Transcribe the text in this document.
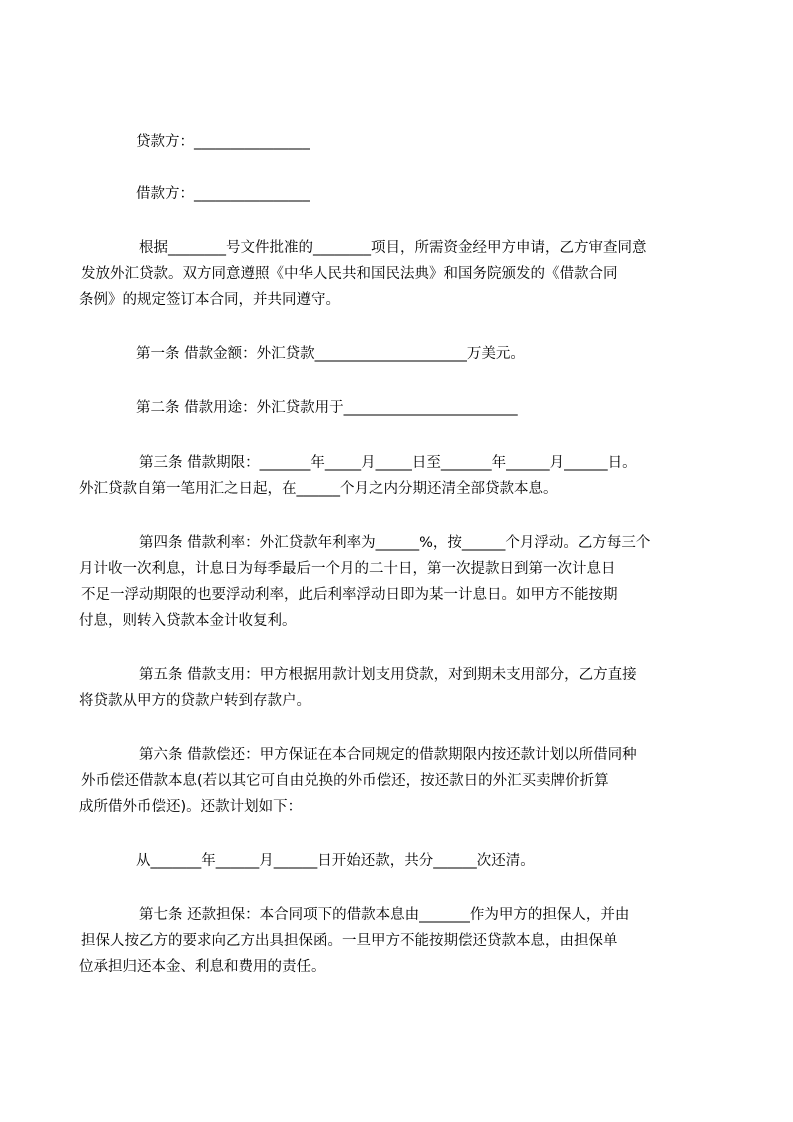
贷款方：________________
借款方：________________
根据________号文件批准的________项目，所需资金经甲方申请，乙方审查同意
发放外汇贷款。双方同意遵照《中华人民共和国民法典》和国务院颁发的《借款合同
条例》的规定签订本合同，并共同遵守。
第一条 借款金额：外汇贷款_____________________万美元。
第二条 借款用途：外汇贷款用于________________________
第三条 借款期限：_______年_____月_____日至_______年______月______日。
外汇贷款自第一笔用汇之日起，在______个月之内分期还清全部贷款本息。
第四条 借款利率：外汇贷款年利率为______%，按______个月浮动。乙方每三个
月计收一次利息，计息日为每季最后一个月的二十日，第一次提款日到第一次计息日
不足一浮动期限的也要浮动利率，此后利率浮动日即为某一计息日。如甲方不能按期
付息，则转入贷款本金计收复利。
第五条 借款支用：甲方根据用款计划支用贷款，对到期未支用部分，乙方直接
将贷款从甲方的贷款户转到存款户。
第六条 借款偿还：甲方保证在本合同规定的借款期限内按还款计划以所借同种
外币偿还借款本息(若以其它可自由兑换的外币偿还，按还款日的外汇买卖牌价折算
成所借外币偿还)。还款计划如下：
从_______年______月______日开始还款，共分______次还清。
第七条 还款担保：本合同项下的借款本息由_______作为甲方的担保人，并由
担保人按乙方的要求向乙方出具担保函。一旦甲方不能按期偿还贷款本息，由担保单
位承担归还本金、利息和费用的责任。
